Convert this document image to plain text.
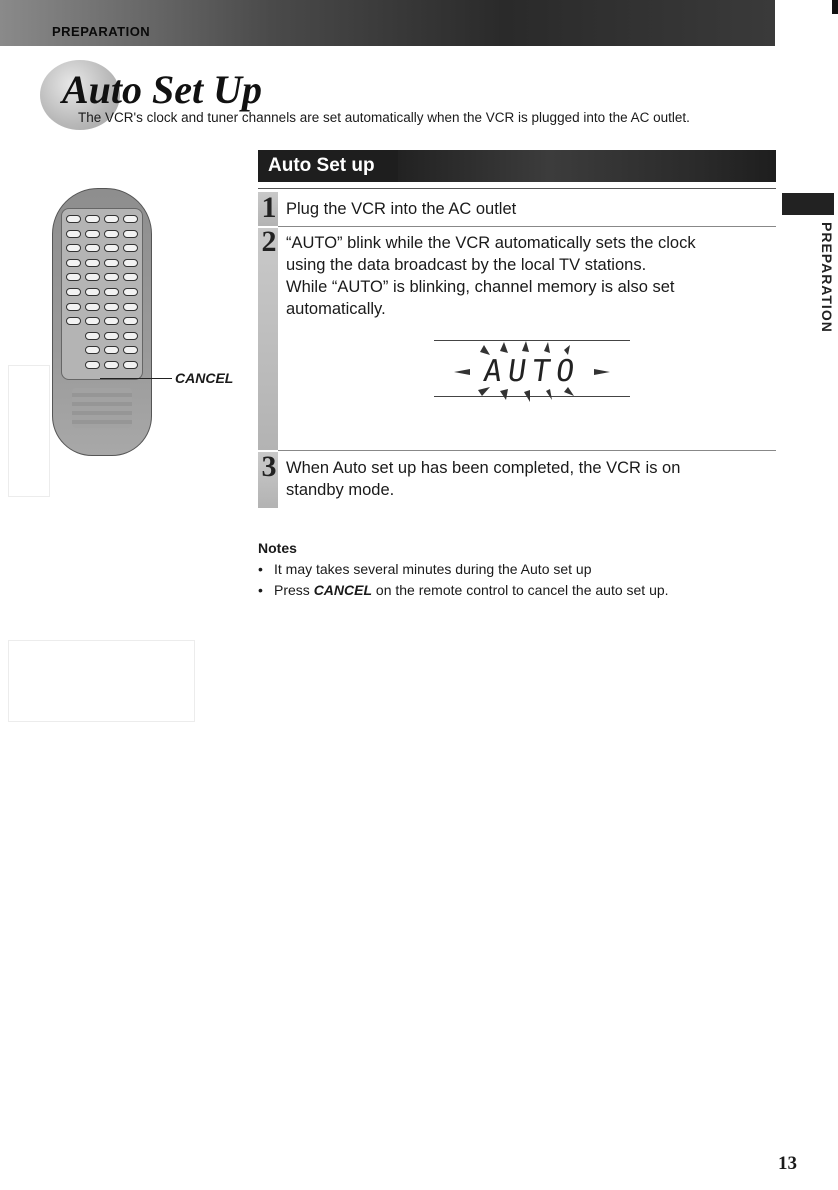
PREPARATION
Auto Set Up
The VCR's clock and tuner channels are set automatically when the VCR is plugged into the AC outlet.
CANCEL
Auto Set up
1 Plug the VCR into the AC outlet
2 “AUTO” blink while the VCR automatically sets the clock
using the data broadcast by the local TV stations.
While “AUTO” is blinking, channel memory is also set
automatically.
AUTO
3 When Auto set up has been completed, the VCR is on
standby mode.
PREPARATION
Notes
• It may takes several minutes during the Auto set up
• Press CANCEL on the remote control to cancel the auto set up.
13
